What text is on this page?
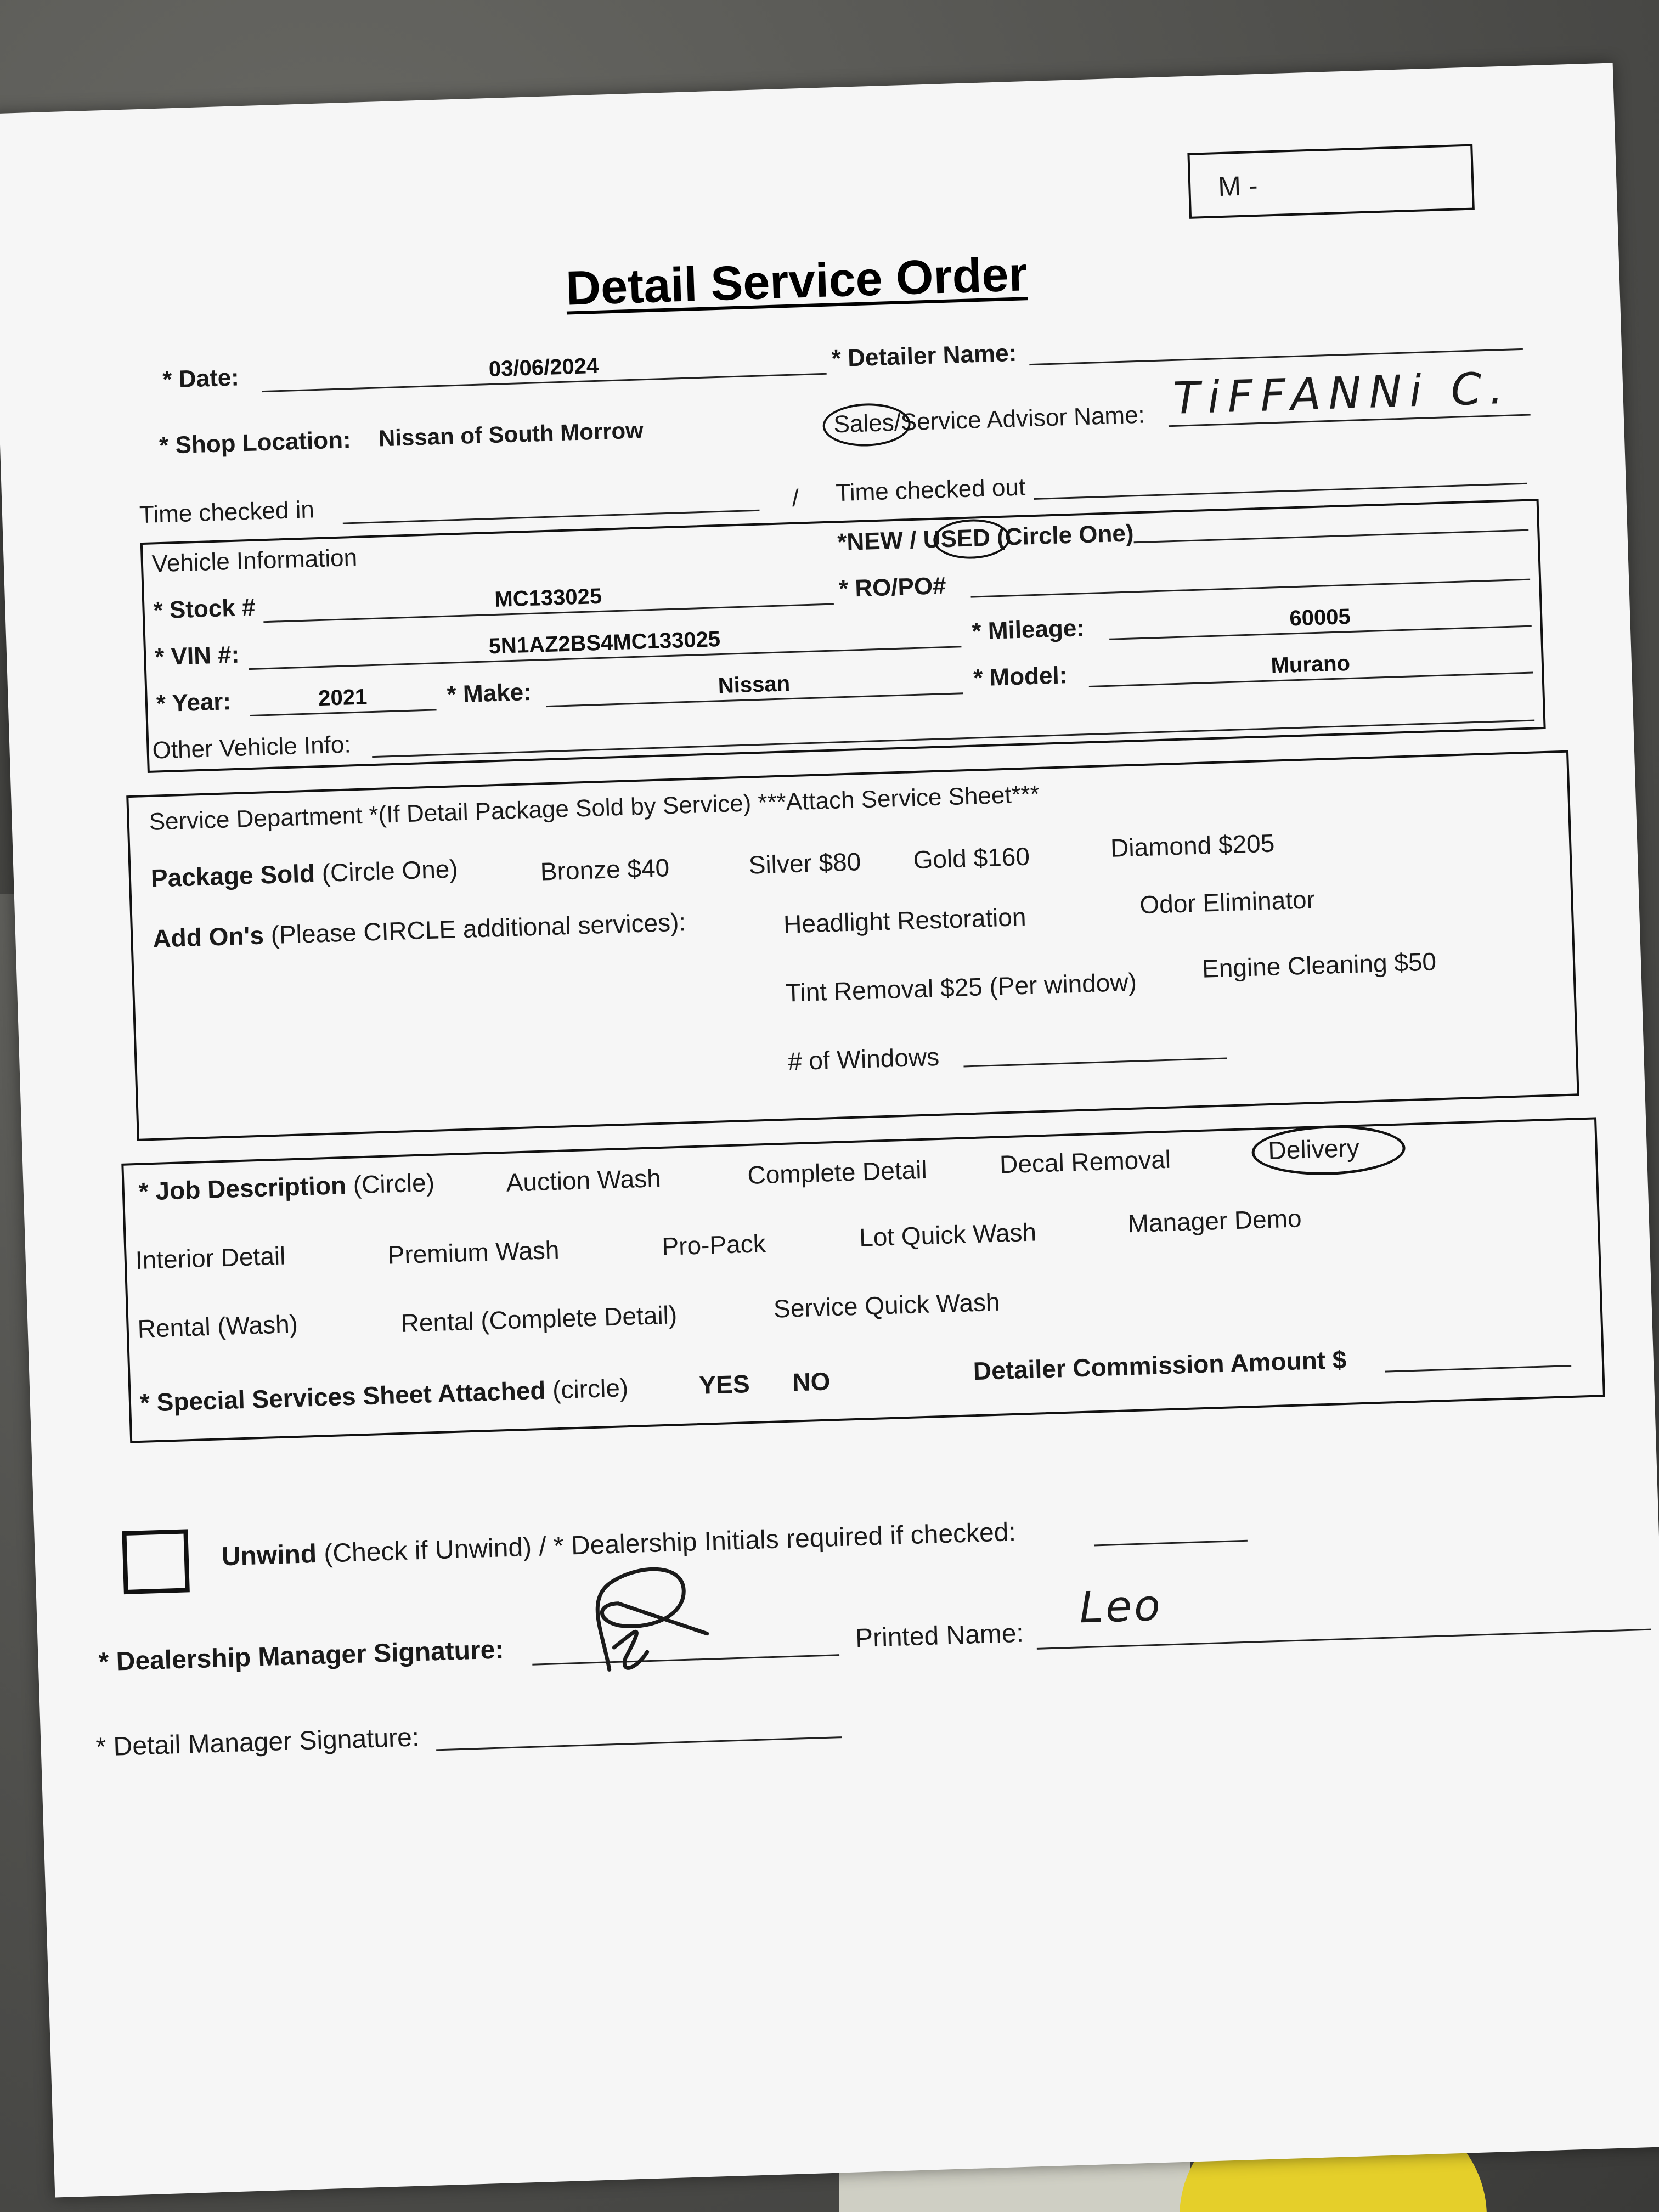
M -
Detail Service Order
* Date:	03/06/2024	* Detailer Name:
* Shop Location: Nissan of South Morrow	Sales/Service Advisor Name: TiFFANNi C.
Time checked in	/ Time checked out
Vehicle Information
*NEW / USED (Circle One)
* Stock #	MC133025	* RO/PO#
* VIN #:	5N1AZ2BS4MC133025	* Mileage:	60005
* Year:	2021	* Make:	Nissan	* Model:	Murano
Other Vehicle Info:
Service Department *(If Detail Package Sold by Service) ***Attach Service Sheet***
Package Sold (Circle One)	Bronze $40	Silver $80 Gold $160	Diamond $205
Add On's (Please CIRCLE additional services):	Headlight Restoration
Odor Eliminator
Tint Removal $25 (Per window)
Engine Cleaning $50
# of Windows
* Job Description (Circle)	Auction Wash	Complete Detail	Decal Removal	Delivery
Interior Detail	Premium Wash	Pro-Pack	Lot Quick Wash	Manager Demo
Rental (Wash)	Rental (Complete Detail)	Service Quick Wash
* Special Services Sheet Attached (circle)	YES NO	Detailer Commission Amount $
Unwind (Check if Unwind) / * Dealership Initials required if checked:
* Dealership Manager Signature:	Printed Name:
Leo
* Detail Manager Signature:
